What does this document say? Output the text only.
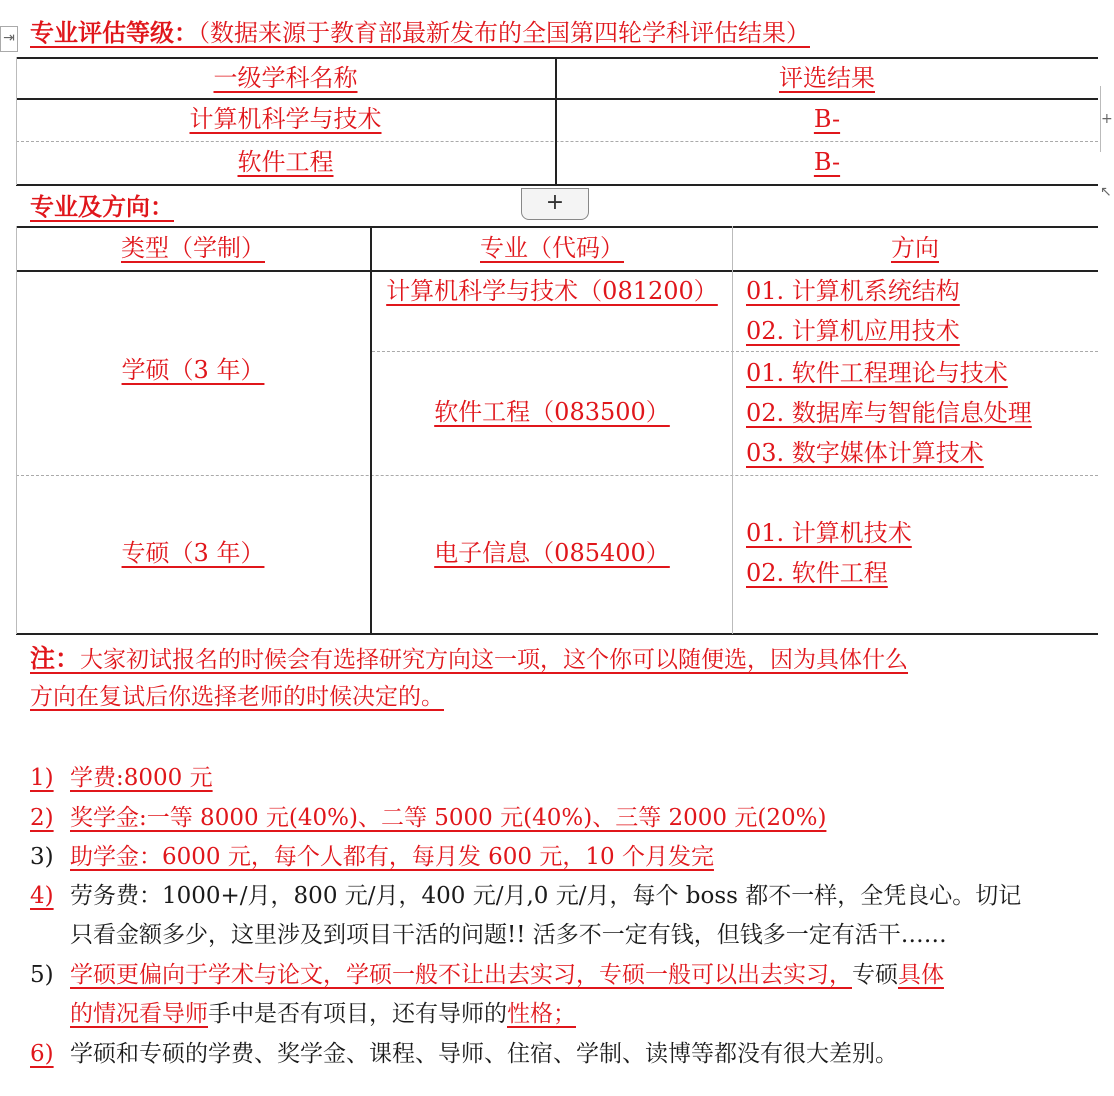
⇥
+
↖
专业评估等级：（数据来源于教育部最新发布的全国第四轮学科评估结果）
一级学科名称	评选结果
计算机科学与技术	B-
软件工程	B-
专业及方向：	+
类型（学制）	专业（代码）	方向
学硕（3 年）
计算机科学与技术（081200）	01. 计算机系统结构
02. 计算机应用技术
软件工程（083500）
01. 软件工程理论与技术
02. 数据库与智能信息处理
03. 数字媒体计算技术
专硕（3 年）	电子信息（085400）
01. 计算机技术
02. 软件工程
注：大家初试报名的时候会有选择研究方向这一项，这个你可以随便选，因为具体什么
方向在复试后你选择老师的时候决定的。
1) 学费:8000 元
2) 奖学金:一等 8000 元(40%)、二等 5000 元(40%)、三等 2000 元(20%)
3) 助学金：6000 元，每个人都有，每月发 600 元，10 个月发完
4) 劳务费：1000+/月，800 元/月，400 元/月,0 元/月，每个 boss 都不一样，全凭良心。切记
只看金额多少，这里涉及到项目干活的问题!! 活多不一定有钱，但钱多一定有活干……
5) 学硕更偏向于学术与论文，学硕一般不让出去实习，专硕一般可以出去实习，专硕具体
的情况看导师手中是否有项目，还有导师的性格；
6) 学硕和专硕的学费、奖学金、课程、导师、住宿、学制、读博等都没有很大差别。
